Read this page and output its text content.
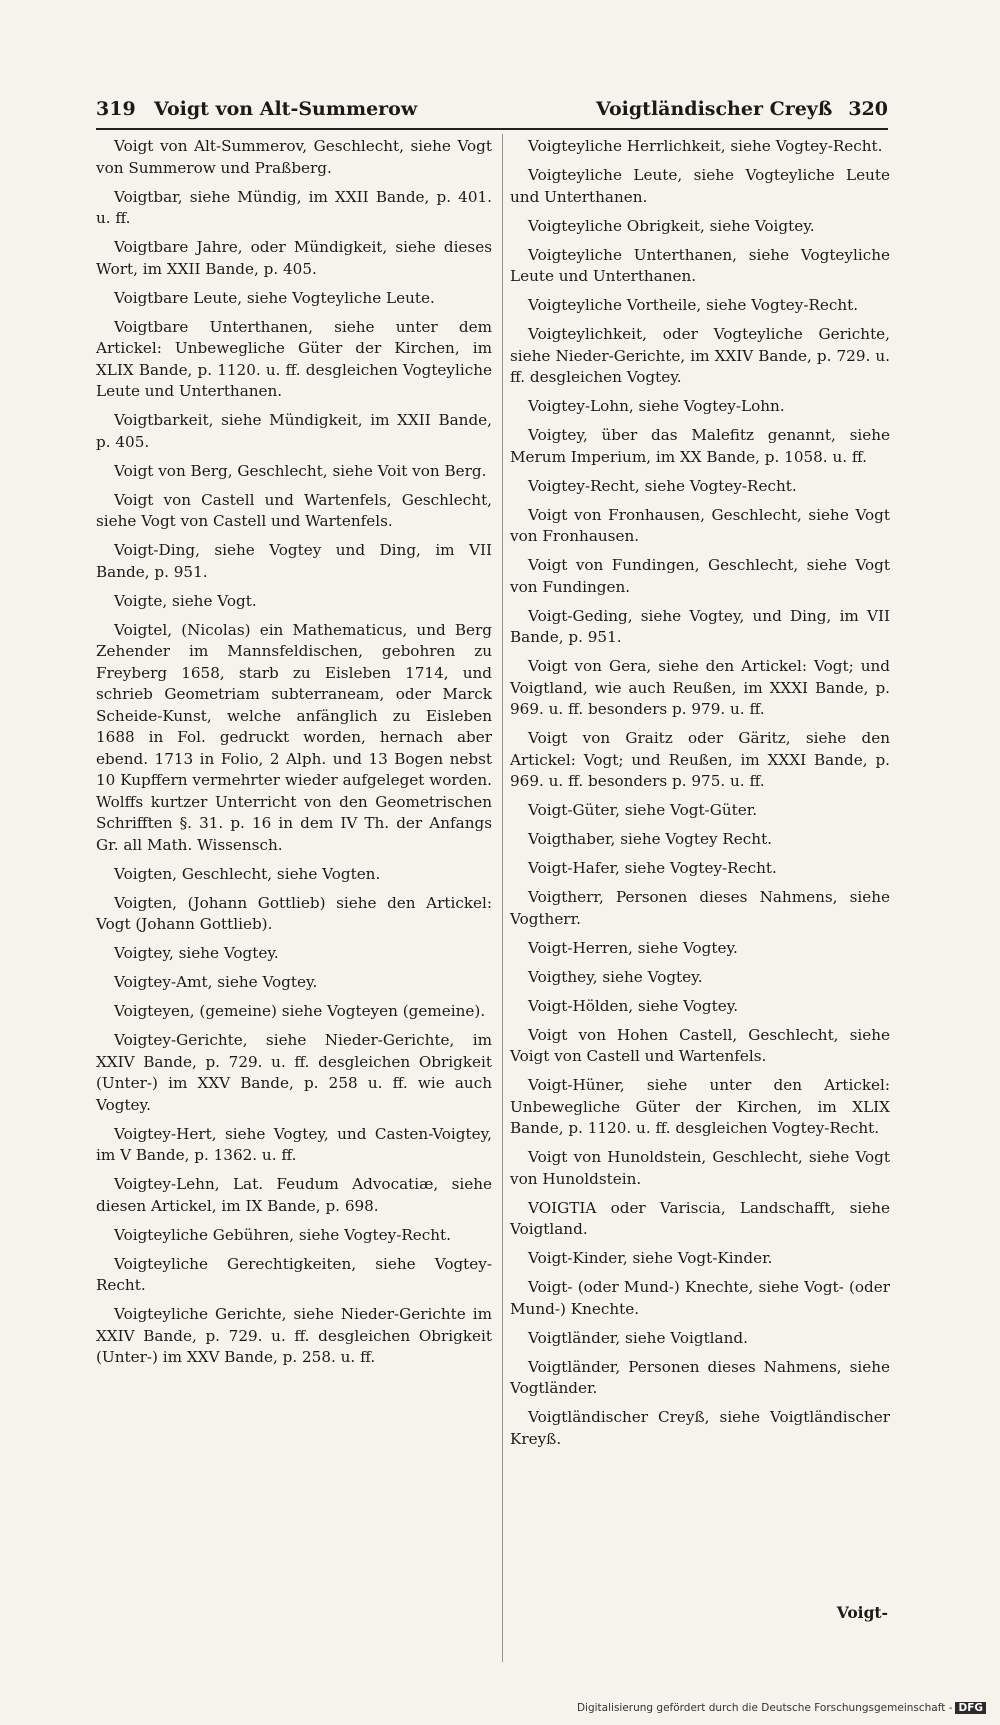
319 Voigt von Alt-Summerow	Voigtländischer Creyß 320

Voigt von Alt-Summerov, Geschlecht, siehe Vogt von Summerow und Praßberg.

Voigtbar, siehe Mündig, im XXII Bande, p. 401. u. ff.

Voigtbare Jahre, oder Mündigkeit, siehe dieses Wort, im XXII Bande, p. 405.

Voigtbare Leute, siehe Vogteyliche Leute.

Voigtbare Unterthanen, siehe unter dem Artickel: Unbewegliche Güter der Kirchen, im XLIX Bande, p. 1120. u. ff. desgleichen Vogteyliche Leute und Unterthanen.

Voigtbarkeit, siehe Mündigkeit, im XXII Bande, p. 405.

Voigt von Berg, Geschlecht, siehe Voit von Berg.

Voigt von Castell und Wartenfels, Geschlecht, siehe Vogt von Castell und Wartenfels.

Voigt-Ding, siehe Vogtey und Ding, im VII Bande, p. 951.

Voigte, siehe Vogt.

Voigtel, (Nicolas) ein Mathematicus, und Berg Zehender im Mannsfeldischen, gebohren zu Freyberg 1658, starb zu Eisleben 1714, und schrieb Geometriam subterraneam, oder Marck Scheide-Kunst, welche anfänglich zu Eisleben 1688 in Fol. gedruckt worden, hernach aber ebend. 1713 in Folio, 2 Alph. und 13 Bogen nebst 10 Kupffern vermehrter wieder aufgeleget worden. Wolffs kurtzer Unterricht von den Geometrischen Schrifften §. 31. p. 16 in dem IV Th. der Anfangs Gr. all Math. Wissensch.

Voigten, Geschlecht, siehe Vogten.

Voigten, (Johann Gottlieb) siehe den Artickel: Vogt (Johann Gottlieb).

Voigtey, siehe Vogtey.

Voigtey-Amt, siehe Vogtey.

Voigteyen, (gemeine) siehe Vogteyen (gemeine).

Voigtey-Gerichte, siehe Nieder-Gerichte, im XXIV Bande, p. 729. u. ff. desgleichen Obrigkeit (Unter-) im XXV Bande, p. 258 u. ff. wie auch Vogtey.

Voigtey-Hert, siehe Vogtey, und Casten-Voigtey, im V Bande, p. 1362. u. ff.

Voigtey-Lehn, Lat. Feudum Advocatiæ, siehe diesen Artickel, im IX Bande, p. 698.

Voigteyliche Gebühren, siehe Vogtey-Recht.

Voigteyliche Gerechtigkeiten, siehe Vogtey-Recht.

Voigteyliche Gerichte, siehe Nieder-Gerichte im XXIV Bande, p. 729. u. ff. desgleichen Obrigkeit (Unter-) im XXV Bande, p. 258. u. ff.

Voigteyliche Herrlichkeit, siehe Vogtey-Recht.

Voigteyliche Leute, siehe Vogteyliche Leute und Unterthanen.

Voigteyliche Obrigkeit, siehe Voigtey.

Voigteyliche Unterthanen, siehe Vogteyliche Leute und Unterthanen.

Voigteyliche Vortheile, siehe Vogtey-Recht.

Voigteylichkeit, oder Vogteyliche Gerichte, siehe Nieder-Gerichte, im XXIV Bande, p. 729. u. ff. desgleichen Vogtey.

Voigtey-Lohn, siehe Vogtey-Lohn.

Voigtey, über das Malefitz genannt, siehe Merum Imperium, im XX Bande, p. 1058. u. ff.

Voigtey-Recht, siehe Vogtey-Recht.

Voigt von Fronhausen, Geschlecht, siehe Vogt von Fronhausen.

Voigt von Fundingen, Geschlecht, siehe Vogt von Fundingen.

Voigt-Geding, siehe Vogtey, und Ding, im VII Bande, p. 951.

Voigt von Gera, siehe den Artickel: Vogt; und Voigtland, wie auch Reußen, im XXXI Bande, p. 969. u. ff. besonders p. 979. u. ff.

Voigt von Graitz oder Gäritz, siehe den Artickel: Vogt; und Reußen, im XXXI Bande, p. 969. u. ff. besonders p. 975. u. ff.

Voigt-Güter, siehe Vogt-Güter.

Voigthaber, siehe Vogtey Recht.

Voigt-Hafer, siehe Vogtey-Recht.

Voigtherr, Personen dieses Nahmens, siehe Vogtherr.

Voigt-Herren, siehe Vogtey.

Voigthey, siehe Vogtey.

Voigt-Hölden, siehe Vogtey.

Voigt von Hohen Castell, Geschlecht, siehe Voigt von Castell und Wartenfels.

Voigt-Hüner, siehe unter den Artickel: Unbewegliche Güter der Kirchen, im XLIX Bande, p. 1120. u. ff. desgleichen Vogtey-Recht.

Voigt von Hunoldstein, Geschlecht, siehe Vogt von Hunoldstein.

VOIGTIA oder Variscia, Landschafft, siehe Voigtland.

Voigt-Kinder, siehe Vogt-Kinder.

Voigt- (oder Mund-) Knechte, siehe Vogt- (oder Mund-) Knechte.

Voigtländer, siehe Voigtland.

Voigtländer, Personen dieses Nahmens, siehe Vogtländer.

Voigtländischer Creyß, siehe Voigtländischer Kreyß.

Voigt-
Digitalisierung gefördert durch die Deutsche Forschungsgemeinschaft - DFG
